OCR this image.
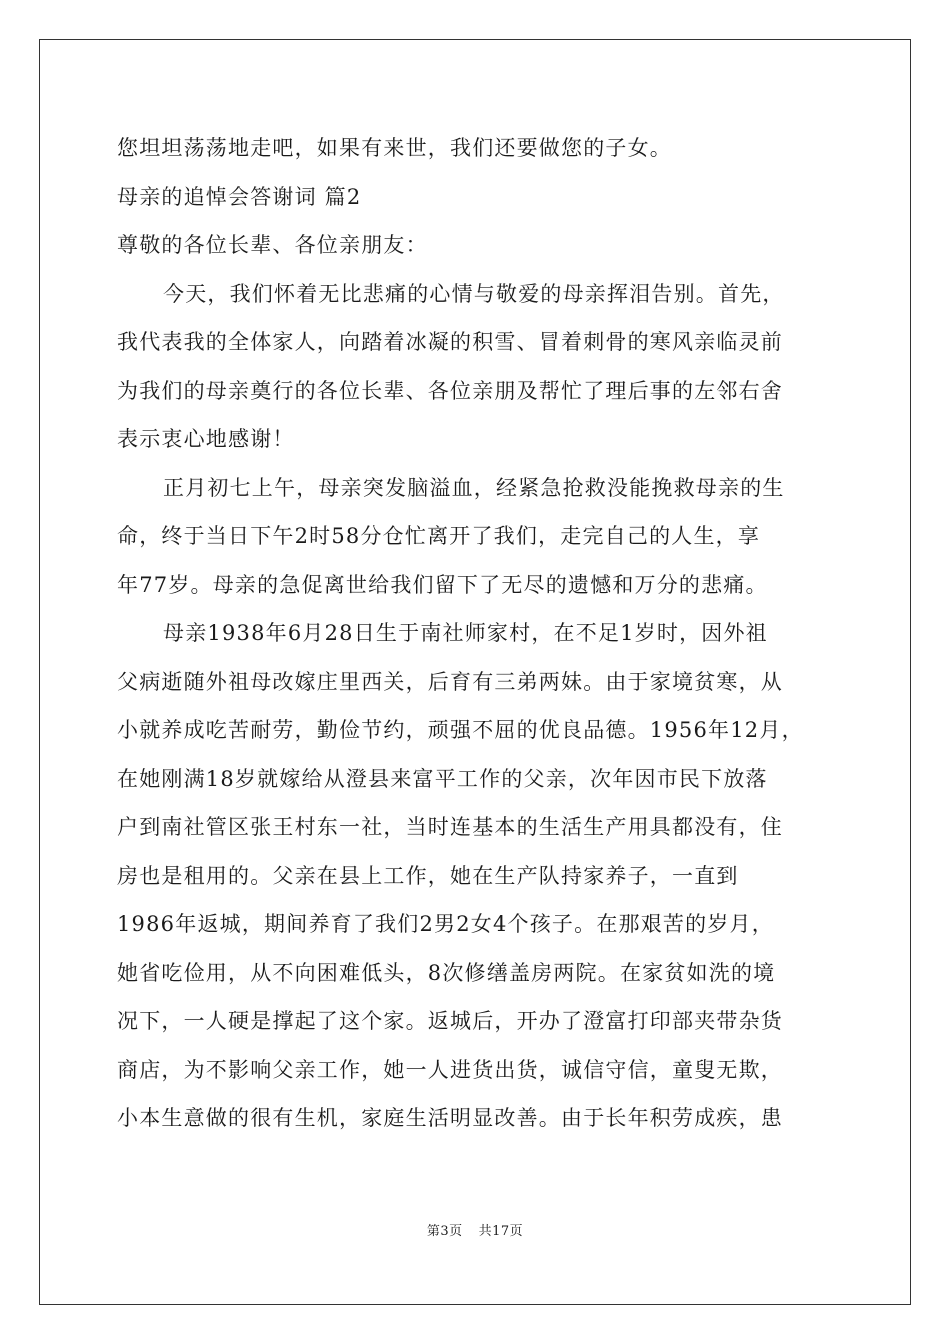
您坦坦荡荡地走吧，如果有来世，我们还要做您的子女。
母亲的追悼会答谢词 篇2
尊敬的各位长辈、各位亲朋友：
今天，我们怀着无比悲痛的心情与敬爱的母亲挥泪告别。首先，
我代表我的全体家人，向踏着冰凝的积雪、冒着刺骨的寒风亲临灵前
为我们的母亲奠行的各位长辈、各位亲朋及帮忙了理后事的左邻右舍
表示衷心地感谢！
正月初七上午，母亲突发脑溢血，经紧急抢救没能挽救母亲的生
命，终于当日下午2时58分仓忙离开了我们，走完自己的人生，享
年77岁。母亲的急促离世给我们留下了无尽的遗憾和万分的悲痛。
母亲1938年6月28日生于南社师家村，在不足1岁时，因外祖
父病逝随外祖母改嫁庄里西关，后育有三弟两妹。由于家境贫寒，从
小就养成吃苦耐劳，勤俭节约，顽强不屈的优良品德。1956年12月，
在她刚满18岁就嫁给从澄县来富平工作的父亲，次年因市民下放落
户到南社管区张王村东一社，当时连基本的生活生产用具都没有，住
房也是租用的。父亲在县上工作，她在生产队持家养子，一直到
1986年返城，期间养育了我们2男2女4个孩子。在那艰苦的岁月，
她省吃俭用，从不向困难低头，8次修缮盖房两院。在家贫如洗的境
况下，一人硬是撑起了这个家。返城后，开办了澄富打印部夹带杂货
商店，为不影响父亲工作，她一人进货出货，诚信守信，童叟无欺，
小本生意做的很有生机，家庭生活明显改善。由于长年积劳成疾，患
第3页 共17页
